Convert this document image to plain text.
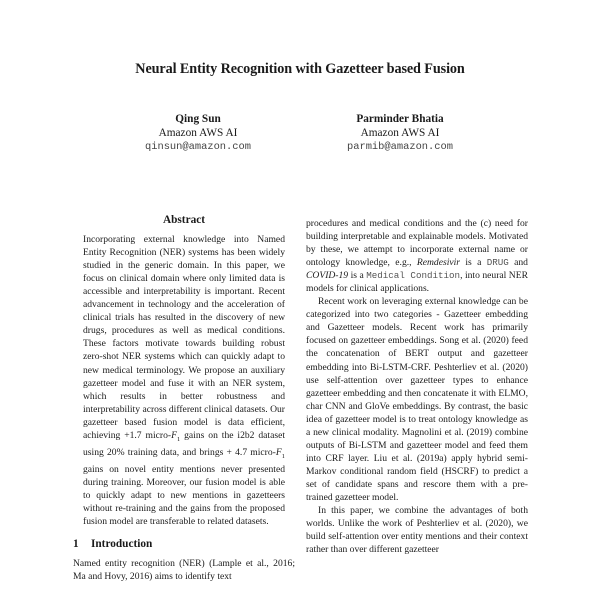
Neural Entity Recognition with Gazetteer based Fusion
Qing Sun
Amazon AWS AI
qinsun@amazon.com
Parminder Bhatia
Amazon AWS AI
parmib@amazon.com
Abstract

Incorporating external knowledge into Named Entity Recognition (NER) systems has been widely studied in the generic domain. In this paper, we focus on clinical domain where only limited data is accessible and interpretability is important. Recent advancement in technology and the acceleration of clinical trials has resulted in the discovery of new drugs, procedures as well as medical conditions. These factors motivate towards building robust zero-shot NER systems which can quickly adapt to new medical terminology. We propose an auxiliary gazetteer model and fuse it with an NER system, which results in better robustness and interpretability across different clinical datasets. Our gazetteer based fusion model is data efficient, achieving +1.7 micro-$F_1$ gains on the i2b2 dataset using 20% training data, and brings + 4.7 micro-$F_1$ gains on novel entity mentions never presented during training. Moreover, our fusion model is able to quickly adapt to new mentions in gazetteers without re-training and the gains from the proposed fusion model are transferable to related datasets.

1 Introduction

Named entity recognition (NER) (Lample et al., 2016; Ma and Hovy, 2016) aims to identify text

procedures and medical conditions and the (c) need for building interpretable and explainable models. Motivated by these, we attempt to incorporate external name or ontology knowledge, e.g., Remdesivir is a DRUG and COVID-19 is a Medical Condition, into neural NER models for clinical applications.

Recent work on leveraging external knowledge can be categorized into two categories - Gazetteer embedding and Gazetteer models. Recent work has primarily focused on gazetteer embeddings. Song et al. (2020) feed the concatenation of BERT output and gazetteer embedding into Bi-LSTM-CRF. Peshterliev et al. (2020) use self-attention over gazetteer types to enhance gazetteer embedding and then concatenate it with ELMO, char CNN and GloVe embeddings. By contrast, the basic idea of gazetteer model is to treat ontology knowledge as a new clinical modality. Magnolini et al. (2019) combine outputs of Bi-LSTM and gazetteer model and feed them into CRF layer. Liu et al. (2019a) apply hybrid semi-Markov conditional random field (HSCRF) to predict a set of candidate spans and rescore them with a pre-trained gazetteer model.

In this paper, we combine the advantages of both worlds. Unlike the work of Peshterliev et al. (2020), we build self-attention over entity mentions and their context rather than over different gazetteer
